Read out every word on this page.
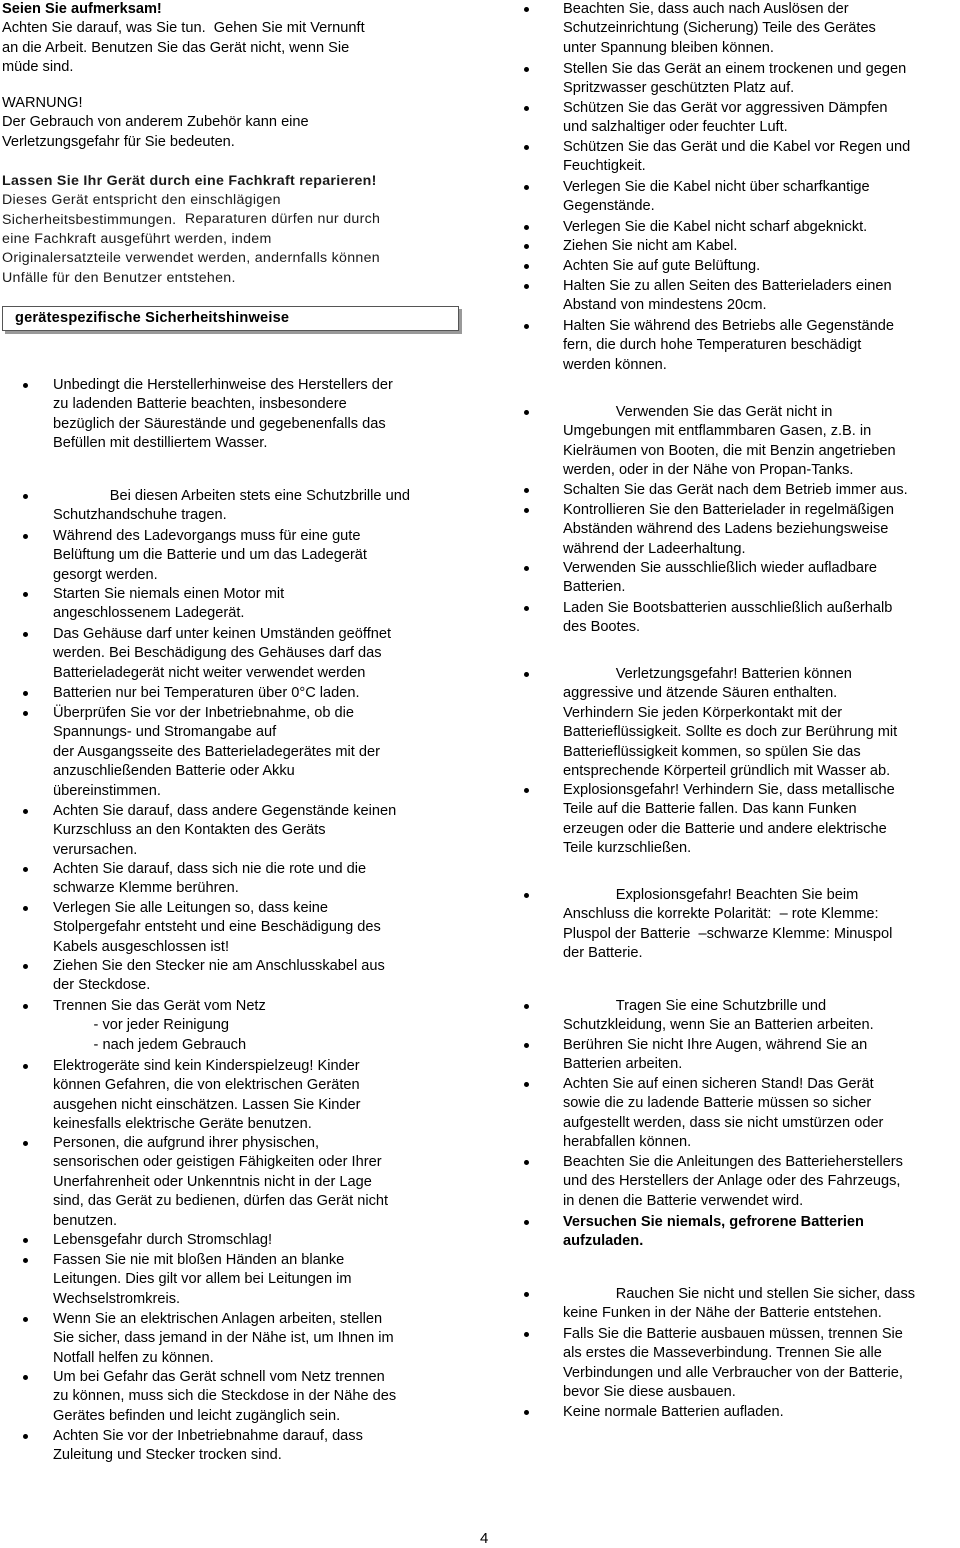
Seien Sie aufmerksam!
Achten Sie darauf, was Sie tun.  Gehen Sie mit Vernunft
an die Arbeit. Benutzen Sie das Gerät nicht, wenn Sie
müde sind.
WARNUNG!
Der Gebrauch von anderem Zubehör kann eine
Verletzungsgefahr für Sie bedeuten.
Lassen Sie Ihr Gerät durch eine Fachkraft reparieren!
Dieses Gerät entspricht den einschlägigen
Sicherheitsbestimmungen. Reparaturen dürfen nur durch
eine Fachkraft ausgeführt werden, indem
Originalersatzteile verwendet werden, andernfalls können
Unfälle für den Benutzer entstehen.
gerätespezifische Sicherheitshinweise
Unbedingt die Herstellerhinweise des Herstellers der
zu ladenden Batterie beachten, insbesondere
bezüglich der Säurestände und gegebenenfalls das
Befüllen mit destilliertem Wasser.
Bei diesen Arbeiten stets eine Schutzbrille und
Schutzhandschuhe tragen.
Während des Ladevorgangs muss für eine gute
Belüftung um die Batterie und um das Ladegerät
gesorgt werden.
Starten Sie niemals einen Motor mit
angeschlossenem Ladegerät.
Das Gehäuse darf unter keinen Umständen geöffnet
werden. Bei Beschädigung des Gehäuses darf das
Batterieladegerät nicht weiter verwendet werden
Batterien nur bei Temperaturen über 0°C laden.
Überprüfen Sie vor der Inbetriebnahme, ob die
Spannungs- und Stromangabe auf
der Ausgangsseite des Batterieladegerätes mit der
anzuschließenden Batterie oder Akku
übereinstimmen.
Achten Sie darauf, dass andere Gegenstände keinen
Kurzschluss an den Kontakten des Geräts
verursachen.
Achten Sie darauf, dass sich nie die rote und die
schwarze Klemme berühren.
Verlegen Sie alle Leitungen so, dass keine
Stolpergefahr entsteht und eine Beschädigung des
Kabels ausgeschlossen ist!
Ziehen Sie den Stecker nie am Anschlusskabel aus
der Steckdose.
Trennen Sie das Gerät vom Netz
- vor jeder Reinigung
- nach jedem Gebrauch
Elektrogeräte sind kein Kinderspielzeug! Kinder
können Gefahren, die von elektrischen Geräten
ausgehen nicht einschätzen. Lassen Sie Kinder
keinesfalls elektrische Geräte benutzen.
Personen, die aufgrund ihrer physischen,
sensorischen oder geistigen Fähigkeiten oder Ihrer
Unerfahrenheit oder Unkenntnis nicht in der Lage
sind, das Gerät zu bedienen, dürfen das Gerät nicht
benutzen.
Lebensgefahr durch Stromschlag!
Fassen Sie nie mit bloßen Händen an blanke
Leitungen. Dies gilt vor allem bei Leitungen im
Wechselstromkreis.
Wenn Sie an elektrischen Anlagen arbeiten, stellen
Sie sicher, dass jemand in der Nähe ist, um Ihnen im
Notfall helfen zu können.
Um bei Gefahr das Gerät schnell vom Netz trennen
zu können, muss sich die Steckdose in der Nähe des
Gerätes befinden und leicht zugänglich sein.
Achten Sie vor der Inbetriebnahme darauf, dass
Zuleitung und Stecker trocken sind.
Beachten Sie, dass auch nach Auslösen der
Schutzeinrichtung (Sicherung) Teile des Gerätes
unter Spannung bleiben können.
Stellen Sie das Gerät an einem trockenen und gegen
Spritzwasser geschützten Platz auf.
Schützen Sie das Gerät vor aggressiven Dämpfen
und salzhaltiger oder feuchter Luft.
Schützen Sie das Gerät und die Kabel vor Regen und
Feuchtigkeit.
Verlegen Sie die Kabel nicht über scharfkantige
Gegenstände.
Verlegen Sie die Kabel nicht scharf abgeknickt.
Ziehen Sie nicht am Kabel.
Achten Sie auf gute Belüftung.
Halten Sie zu allen Seiten des Batterieladers einen
Abstand von mindestens 20cm.
Halten Sie während des Betriebs alle Gegenstände
fern, die durch hohe Temperaturen beschädigt
werden können.
Verwenden Sie das Gerät nicht in
Umgebungen mit entflammbaren Gasen, z.B. in
Kielräumen von Booten, die mit Benzin angetrieben
werden, oder in der Nähe von Propan-Tanks.
Schalten Sie das Gerät nach dem Betrieb immer aus.
Kontrollieren Sie den Batterielader in regelmäßigen
Abständen während des Ladens beziehungsweise
während der Ladeerhaltung.
Verwenden Sie ausschließlich wieder aufladbare
Batterien.
Laden Sie Bootsbatterien ausschließlich außerhalb
des Bootes.
Verletzungsgefahr! Batterien können
aggressive und ätzende Säuren enthalten.
Verhindern Sie jeden Körperkontakt mit der
Batterieflüssigkeit. Sollte es doch zur Berührung mit
Batterieflüssigkeit kommen, so spülen Sie das
entsprechende Körperteil gründlich mit Wasser ab.
Explosionsgefahr! Verhindern Sie, dass metallische
Teile auf die Batterie fallen. Das kann Funken
erzeugen oder die Batterie und andere elektrische
Teile kurzschließen.
Explosionsgefahr! Beachten Sie beim
Anschluss die korrekte Polarität:  – rote Klemme:
Pluspol der Batterie  –schwarze Klemme: Minuspol
der Batterie.
Tragen Sie eine Schutzbrille und
Schutzkleidung, wenn Sie an Batterien arbeiten.
Berühren Sie nicht Ihre Augen, während Sie an
Batterien arbeiten.
Achten Sie auf einen sicheren Stand! Das Gerät
sowie die zu ladende Batterie müssen so sicher
aufgestellt werden, dass sie nicht umstürzen oder
herabfallen können.
Beachten Sie die Anleitungen des Batterieherstellers
und des Herstellers der Anlage oder des Fahrzeugs,
in denen die Batterie verwendet wird.
Versuchen Sie niemals, gefrorene Batterien
aufzuladen.
Rauchen Sie nicht und stellen Sie sicher, dass
keine Funken in der Nähe der Batterie entstehen.
Falls Sie die Batterie ausbauen müssen, trennen Sie
als erstes die Masseverbindung. Trennen Sie alle
Verbindungen und alle Verbraucher von der Batterie,
bevor Sie diese ausbauen.
Keine normale Batterien aufladen.
4
